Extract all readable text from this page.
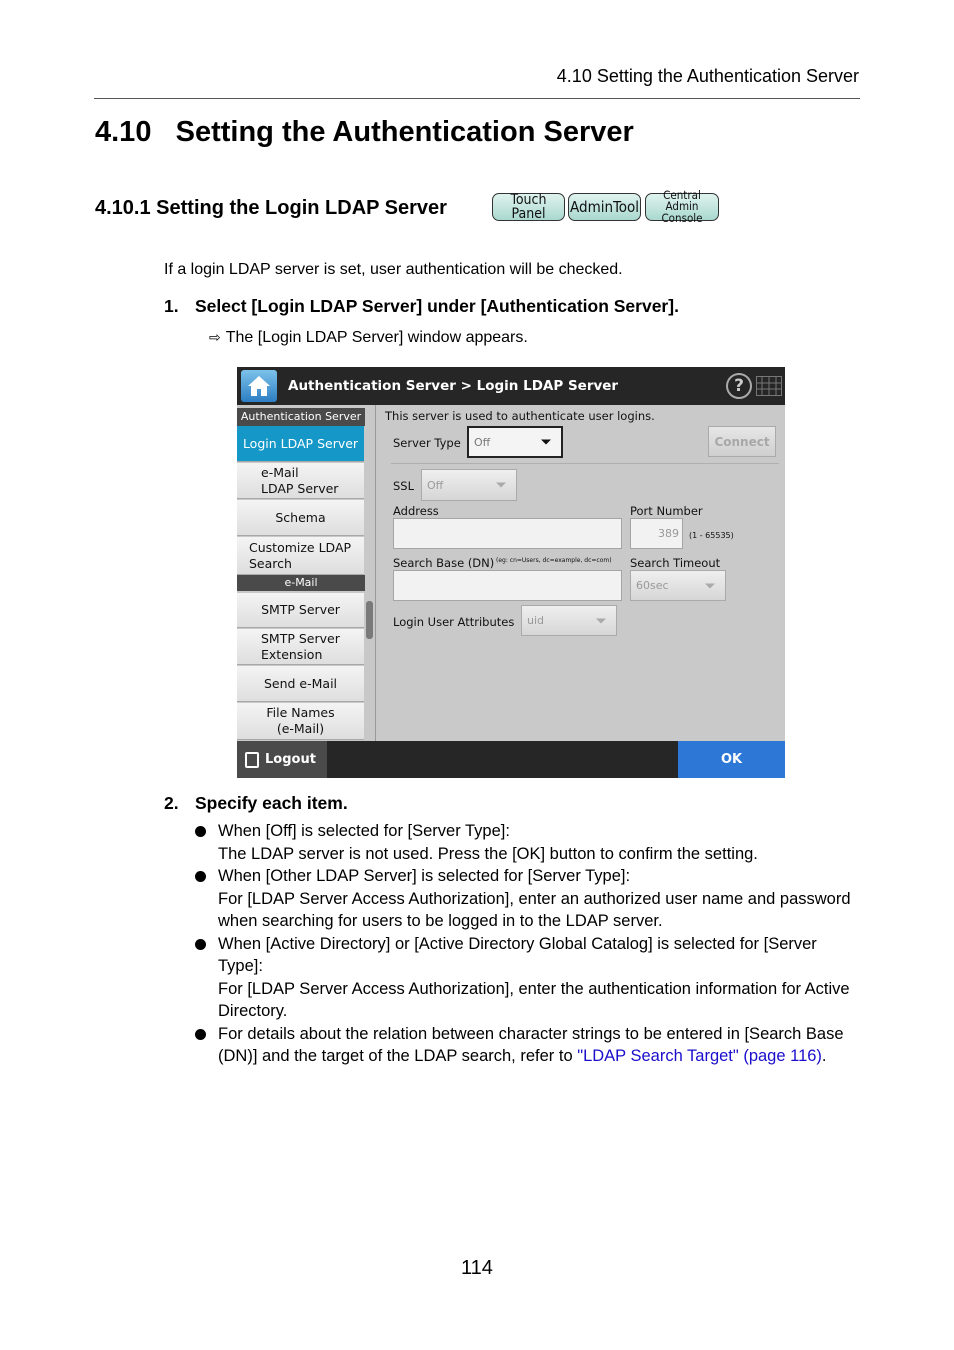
4.10 Setting the Authentication Server
4.10 Setting the Authentication Server
4.10.1 Setting the Login LDAP Server	Touch
Panel AdminTool
Central Admin
Console
If a login LDAP server is set, user authentication will be checked.
1. Select [Login LDAP Server] under [Authentication Server].
⇨ The [Login LDAP Server] window appears.
Authentication Server > Login LDAP Server	?
Authentication Server
Login LDAP Server
e-Mail
LDAP Server
Schema
Customize LDAP
Search
e-Mail
SMTP Server
SMTP Server
Extension
Send e-Mail
File Names
(e-Mail)
This server is used to authenticate user logins.
Server Type Off	Connect
SSL Off
Address	Port Number
389	(1 - 65535)
Search Base (DN) (eg: cn=Users, dc=example, dc=com) Search Timeout
60sec
Login User Attributes uid
Logout	OK
2. Specify each item.
When [Off] is selected for [Server Type]:
The LDAP server is not used. Press the [OK] button to confirm the setting.
When [Other LDAP Server] is selected for [Server Type]:
For [LDAP Server Access Authorization], enter an authorized user name and password when searching for users to be logged in to the LDAP server.
When [Active Directory] or [Active Directory Global Catalog] is selected for [Server Type]:
For [LDAP Server Access Authorization], enter the authentication information for Active Directory.
For details about the relation between character strings to be entered in [Search Base (DN)] and the target of the LDAP search, refer to "LDAP Search Target" (page 116).
114
